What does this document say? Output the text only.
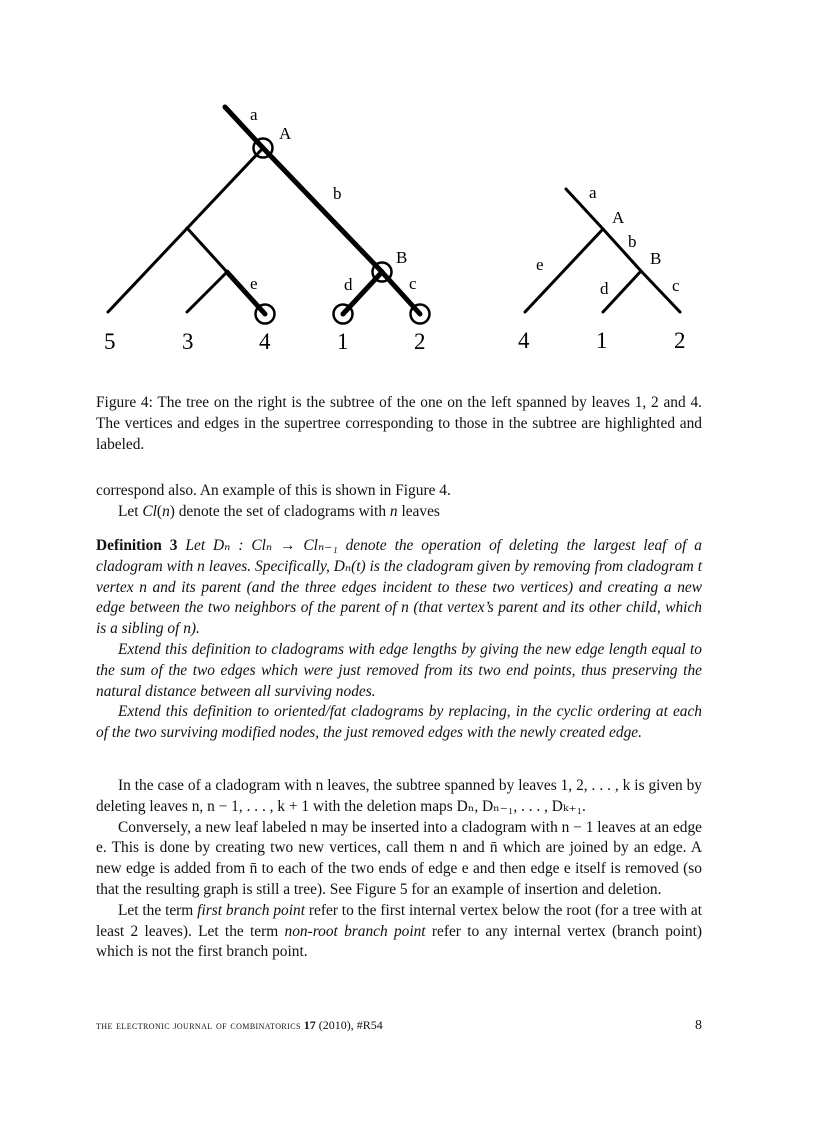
a
A
b
B
c
d
e
5	3	4	1	2
a
A
b
B
c
d
e
4	1	2
Figure 4: The tree on the right is the subtree of the one on the left spanned by leaves 1, 2 and 4. The vertices and edges in the supertree corresponding to those in the subtree are highlighted and labeled.

correspond also. An example of this is shown in Figure 4.

Let Cl(n) denote the set of cladograms with n leaves

Definition 3 Let Dₙ : Clₙ → Clₙ₋₁ denote the operation of deleting the largest leaf of a cladogram with n leaves. Specifically, Dₙ(t) is the cladogram given by removing from cladogram t vertex n and its parent (and the three edges incident to these two vertices) and creating a new edge between the two neighbors of the parent of n (that vertex’s parent and its other child, which is a sibling of n).

Extend this definition to cladograms with edge lengths by giving the new edge length equal to the sum of the two edges which were just removed from its two end points, thus preserving the natural distance between all surviving nodes.

Extend this definition to oriented/fat cladograms by replacing, in the cyclic ordering at each of the two surviving modified nodes, the just removed edges with the newly created edge.

In the case of a cladogram with n leaves, the subtree spanned by leaves 1, 2, . . . , k is given by deleting leaves n, n − 1, . . . , k + 1 with the deletion maps Dₙ, Dₙ₋₁, . . . , Dₖ₊₁.

Conversely, a new leaf labeled n may be inserted into a cladogram with n − 1 leaves at an edge e. This is done by creating two new vertices, call them n and n̄ which are joined by an edge. A new edge is added from n̄ to each of the two ends of edge e and then edge e itself is removed (so that the resulting graph is still a tree). See Figure 5 for an example of insertion and deletion.

Let the term first branch point refer to the first internal vertex below the root (for a tree with at least 2 leaves). Let the term non-root branch point refer to any internal vertex (branch point) which is not the first branch point.

the electronic journal of combinatorics 17 (2010), #R54	8
